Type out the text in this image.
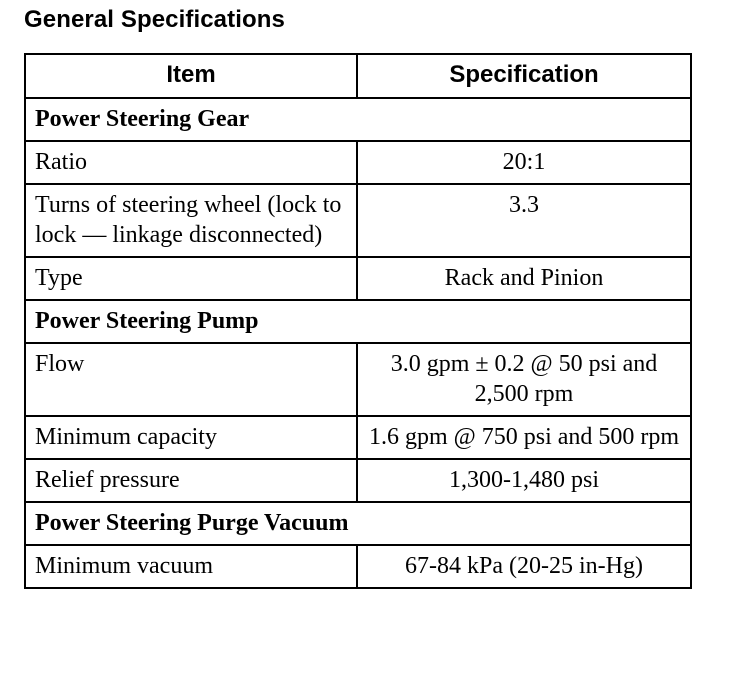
General Specifications
Item	Specification
Power Steering Gear	
Ratio	20:1
Turns of steering wheel (lock to lock — linkage disconnected)	3.3
Type	Rack and Pinion
Power Steering Pump	
Flow	3.0 gpm ± 0.2 @ 50 psi and 2,500 rpm
Minimum capacity	1.6 gpm @ 750 psi and 500 rpm
Relief pressure	1,300-1,480 psi
Power Steering Purge Vacuum	
Minimum vacuum	67-84 kPa (20-25 in-Hg)
